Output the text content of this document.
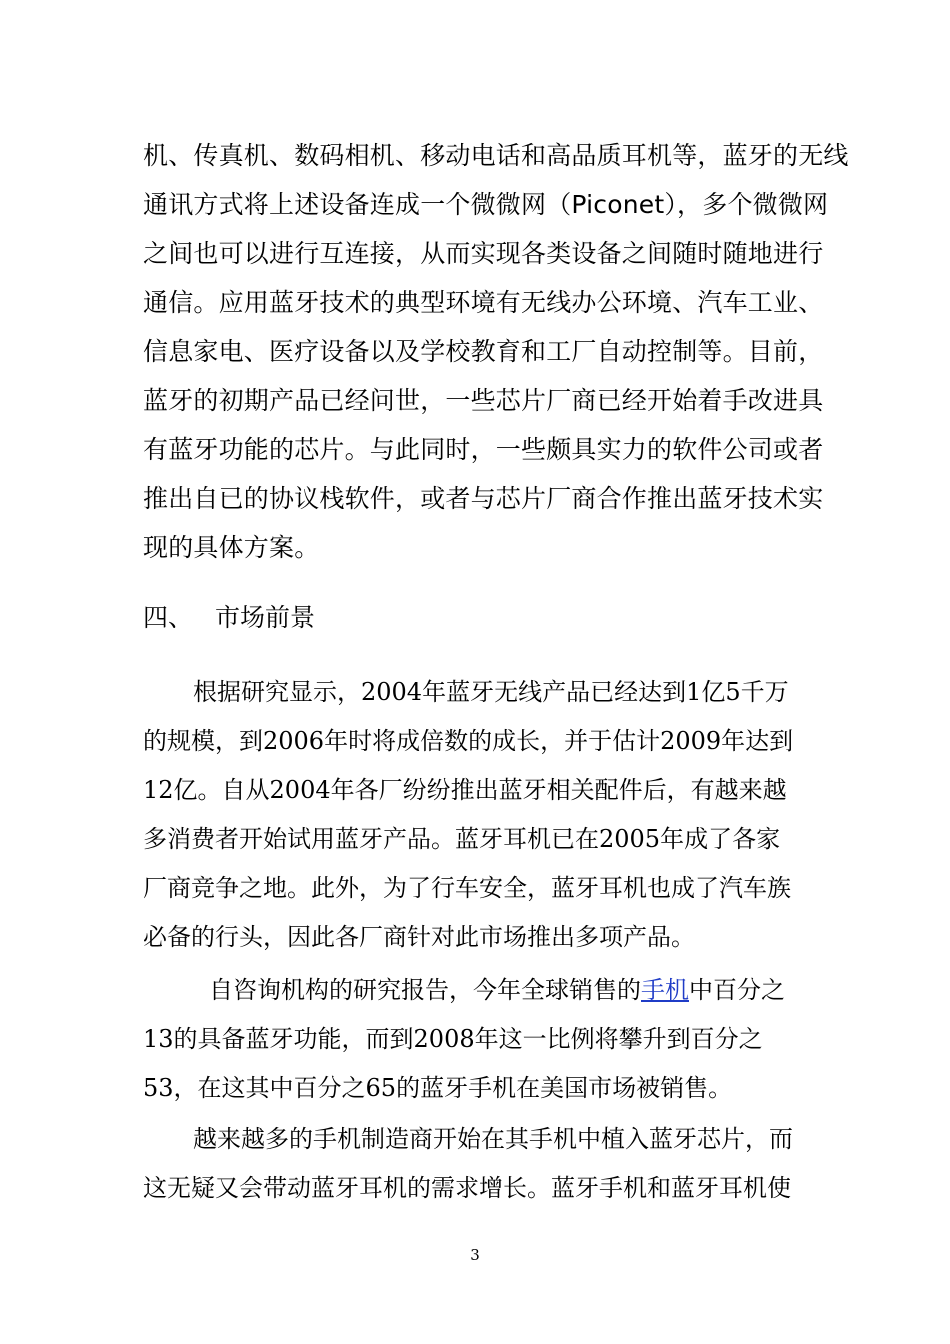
机、传真机、数码相机、移动电话和高品质耳机等，蓝牙的无线
通讯方式将上述设备连成一个微微网（Piconet），多个微微网
之间也可以进行互连接，从而实现各类设备之间随时随地进行
通信。应用蓝牙技术的典型环境有无线办公环境、汽车工业、
信息家电、医疗设备以及学校教育和工厂自动控制等。目前，
蓝牙的初期产品已经问世，一些芯片厂商已经开始着手改进具
有蓝牙功能的芯片。与此同时，一些颇具实力的软件公司或者
推出自已的协议栈软件，或者与芯片厂商合作推出蓝牙技术实
现的具体方案。
四、 市场前景
根据研究显示，2004年蓝牙无线产品已经达到1亿5千万
的规模，到2006年时将成倍数的成长，并于估计2009年达到
12亿。自从2004年各厂纷纷推出蓝牙相关配件后，有越来越
多消费者开始试用蓝牙产品。蓝牙耳机已在2005年成了各家
厂商竞争之地。此外，为了行车安全，蓝牙耳机也成了汽车族
必备的行头，因此各厂商针对此市场推出多项产品。
自咨询机构的研究报告，今年全球销售的手机中百分之
13的具备蓝牙功能，而到2008年这一比例将攀升到百分之
53，在这其中百分之65的蓝牙手机在美国市场被销售。
越来越多的手机制造商开始在其手机中植入蓝牙芯片，而
这无疑又会带动蓝牙耳机的需求增长。蓝牙手机和蓝牙耳机使
3
